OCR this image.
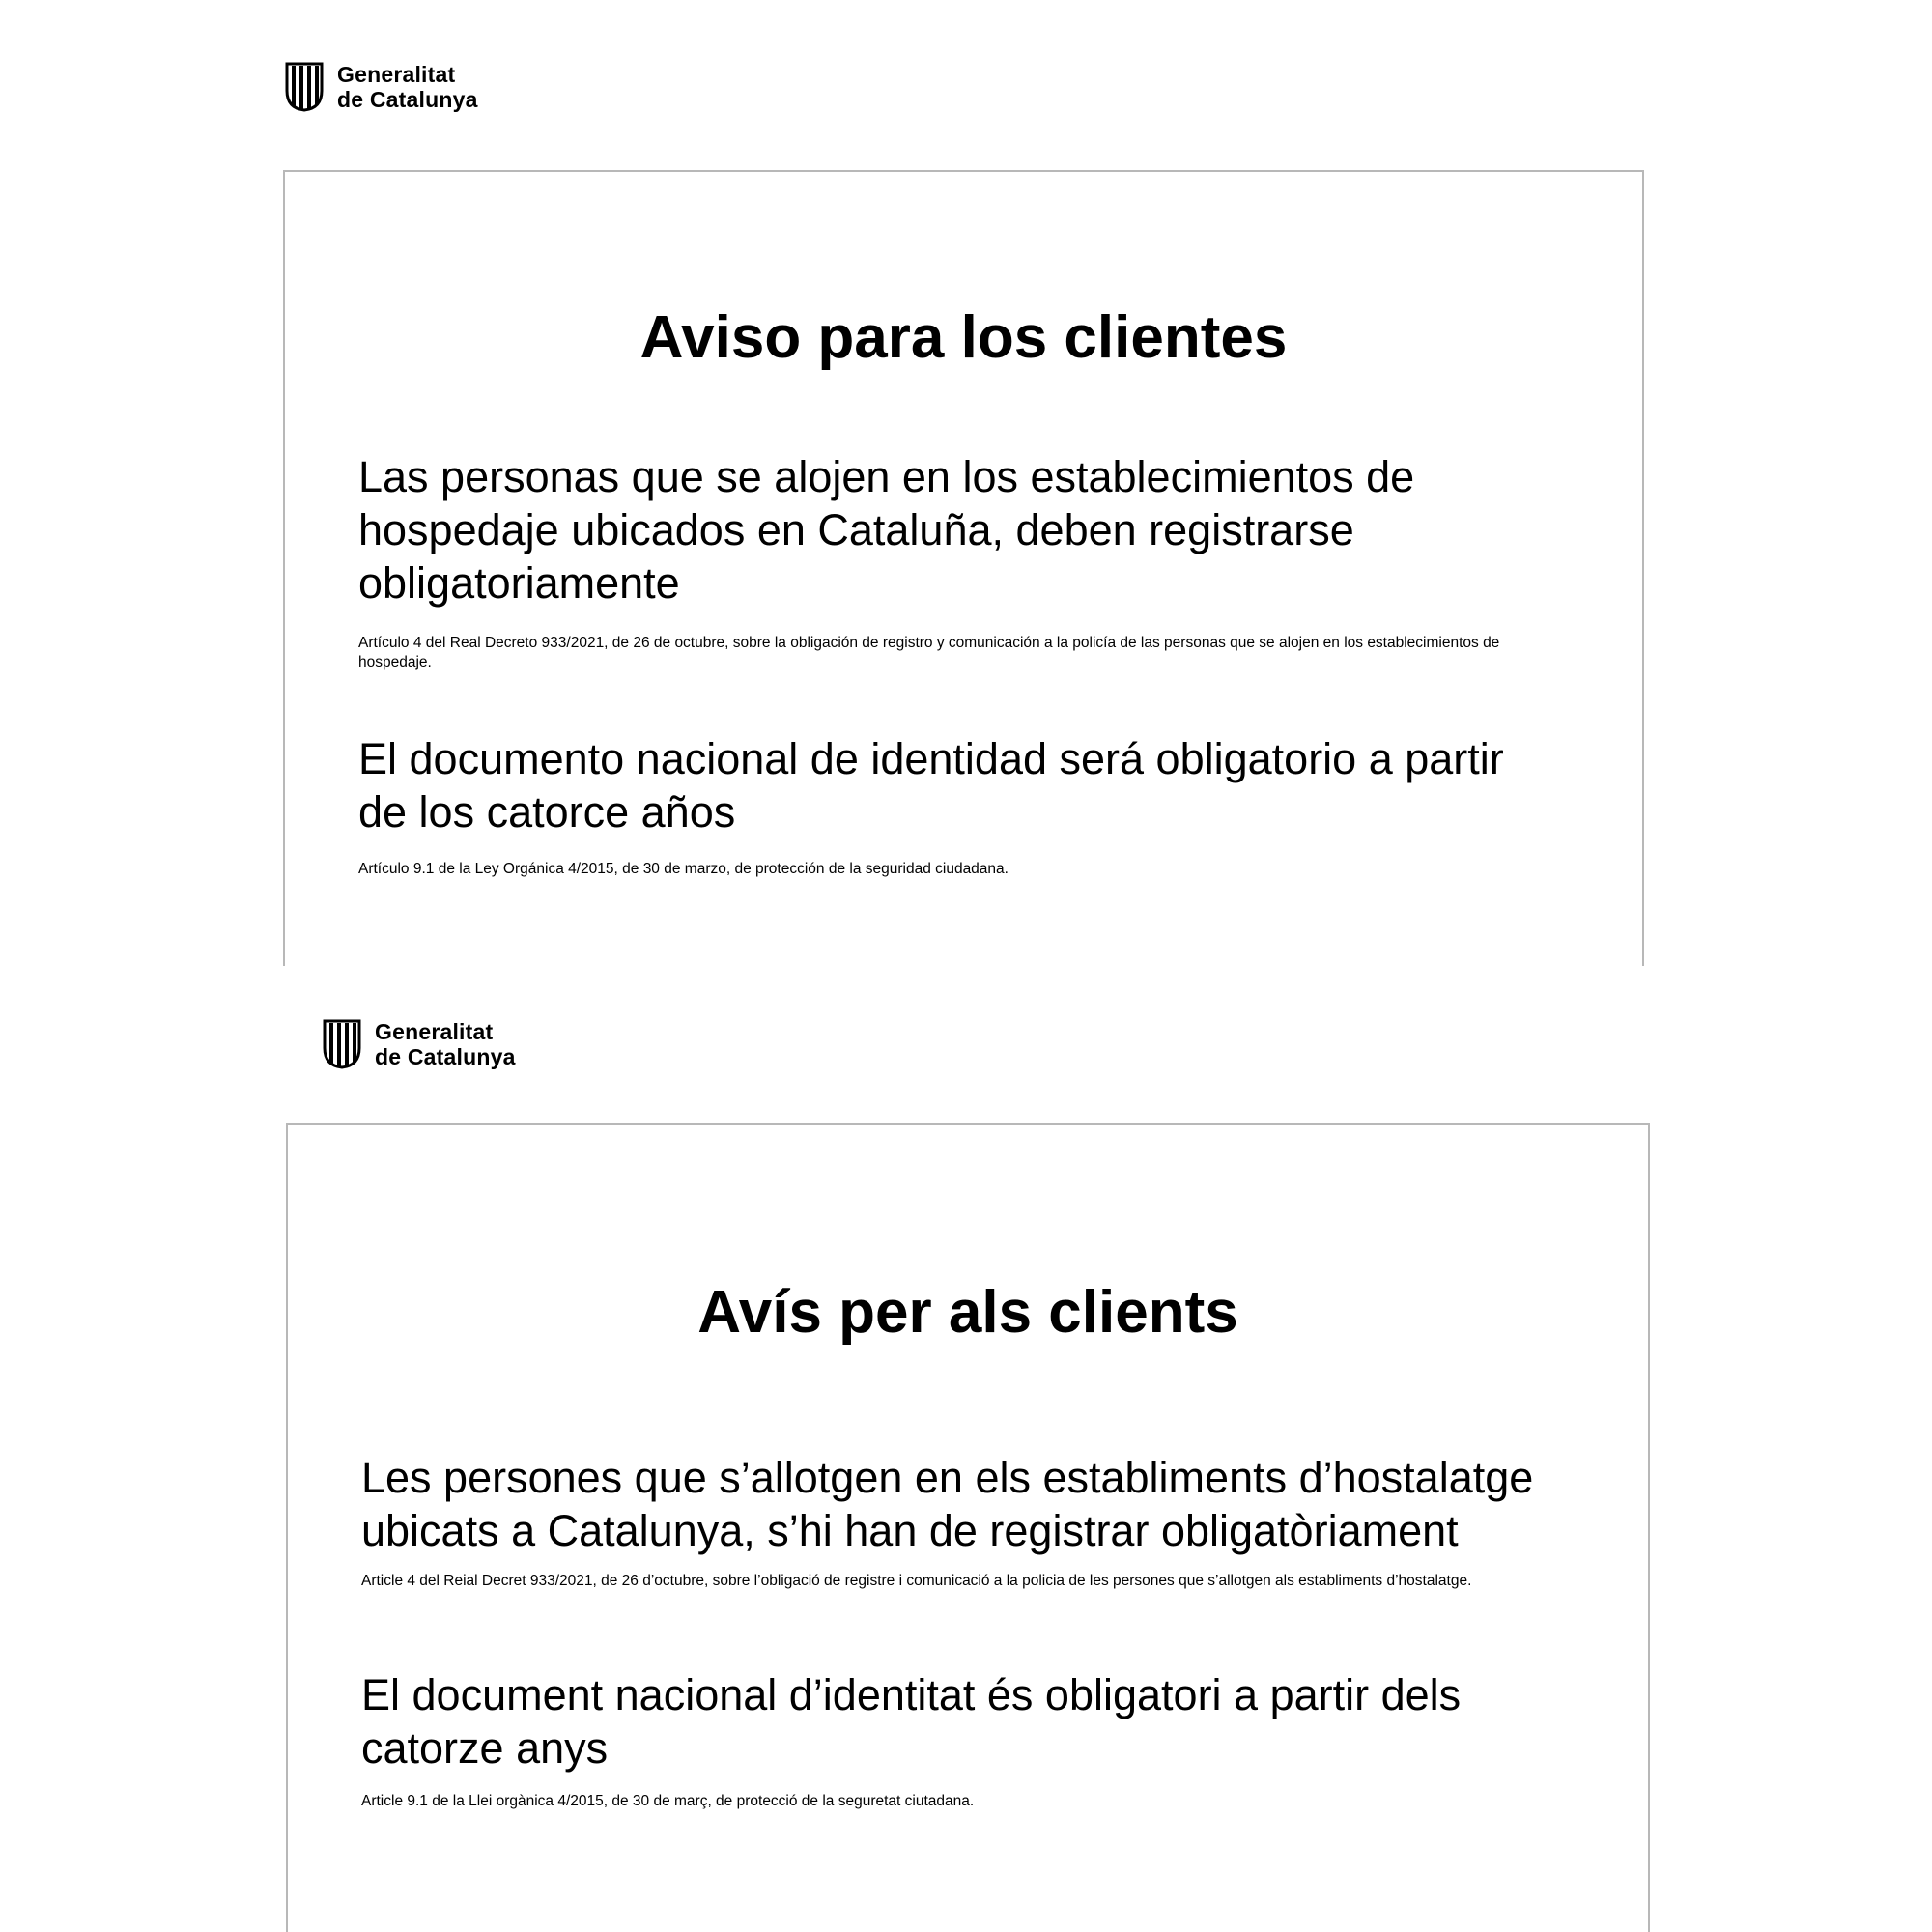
Generalitat
de Catalunya
Aviso para los clientes

Las personas que se alojen en los establecimientos de hospedaje ubicados en Cataluña, deben registrarse obligatoriamente

Artículo 4 del Real Decreto 933/2021, de 26 de octubre, sobre la obligación de registro y comunicación a la policía de las personas que se alojen en los establecimientos de hospedaje.

El documento nacional de identidad será obligatorio a partir de los catorce años

Artículo 9.1 de la Ley Orgánica 4/2015, de 30 de marzo, de protección de la seguridad ciudadana.

Generalitat
de Catalunya
Avís per als clients

Les persones que s’allotgen en els establiments d’hostalatge ubicats a Catalunya, s’hi han de registrar obligatòriament

Article 4 del Reial Decret 933/2021, de 26 d’octubre, sobre l’obligació de registre i comunicació a la policia de les persones que s’allotgen als establiments d’hostalatge.

El document nacional d’identitat és obligatori a partir dels catorze anys

Article 9.1 de la Llei orgànica 4/2015, de 30 de març, de protecció de la seguretat ciutadana.
